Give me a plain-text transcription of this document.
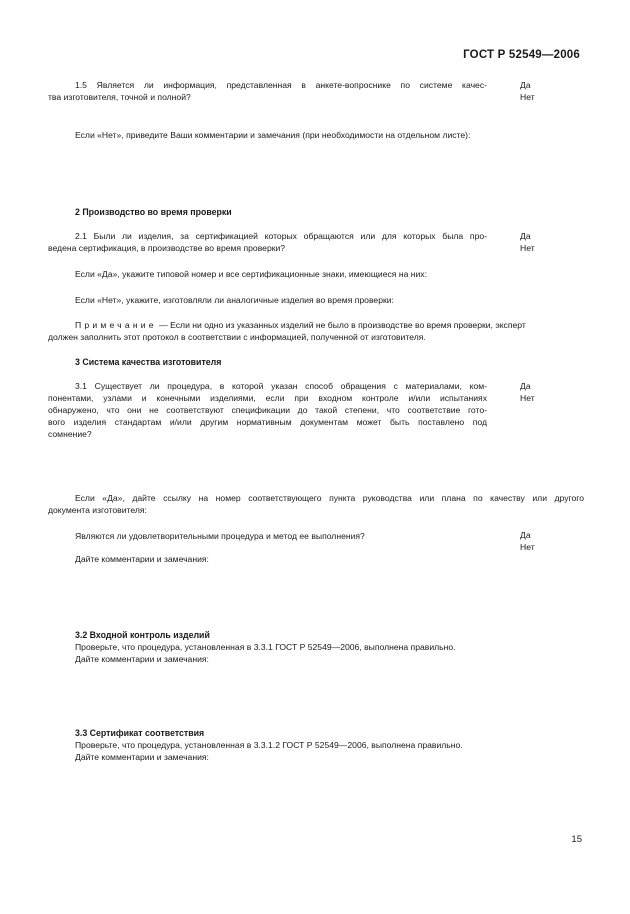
ГОСТ Р 52549—2006
1.5 Является ли информация, представленная в анкете-вопроснике по системе качес-
тва изготовителя, точной и полной?
Да
Нет
Если «Нет», приведите Ваши комментарии и замечания (при необходимости на отдельном листе):
2 Производство во время проверки
2.1 Были ли изделия, за сертификацией которых обращаются или для которых была про-
ведена сертификация, в производстве во время проверки?
Да
Нет
Если «Да», укажите типовой номер и все сертификационные знаки, имеющиеся на них:
Если «Нет», укажите, изготовляли ли аналогичные изделия во время проверки:
Примечание — Если ни одно из указанных изделий не было в производстве во время проверки, эксперт
должен заполнить этот протокол в соответствии с информацией, полученной от изготовителя.
3 Система качества изготовителя
3.1 Существует ли процедура, в которой указан способ обращения с материалами, ком-
понентами, узлами и конечными изделиями, если при входном контроле и/или испытаниях
обнаружено, что они не соответствуют спецификации до такой степени, что соответствие гото-
вого изделия стандартам и/или другим нормативным документам может быть поставлено под
сомнение?
Да
Нет
Если «Да», дайте ссылку на номер соответствующего пункта руководства или плана по качеству или другого
документа изготовителя:
Являются ли удовлетворительными процедура и метод ее выполнения?	Да
Нет
Дайте комментарии и замечания:
3.2 Входной контроль изделий
Проверьте, что процедура, установленная в 3.3.1 ГОСТ Р 52549—2006, выполнена правильно.
Дайте комментарии и замечания:
3.3 Сертификат соответствия
Проверьте, что процедура, установленная в 3.3.1.2 ГОСТ Р 52549—2006, выполнена правильно.
Дайте комментарии и замечания:
15
